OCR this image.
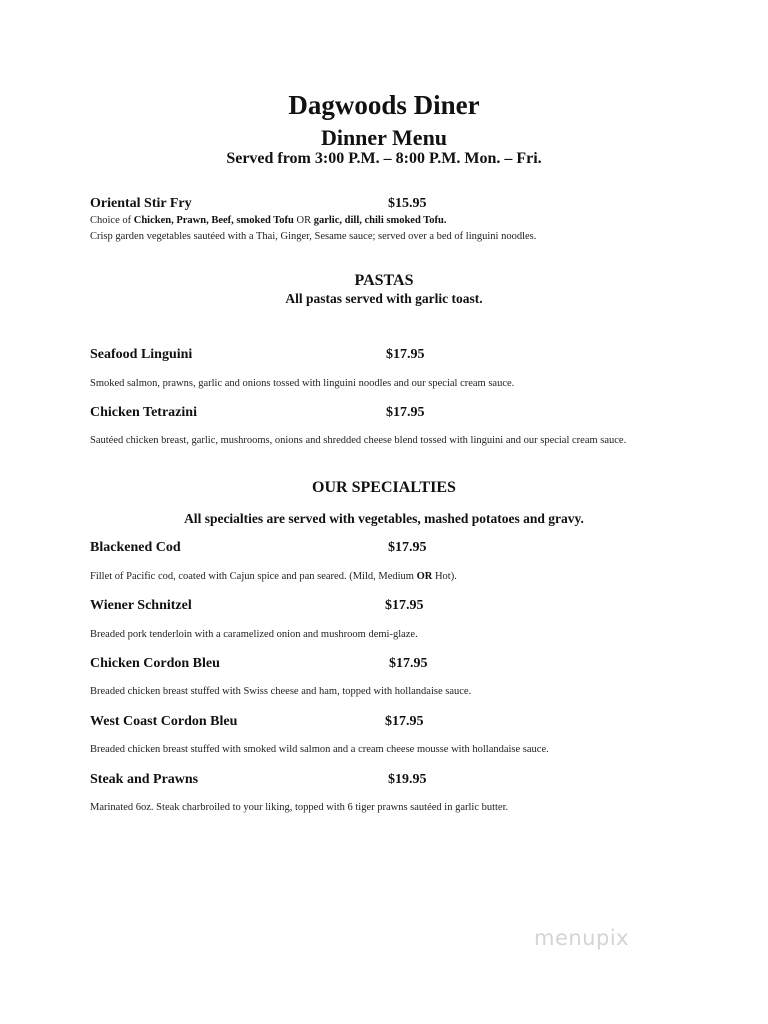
Dagwoods Diner
Dinner Menu
Served from 3:00 P.M. – 8:00 P.M. Mon. – Fri.
Oriental Stir Fry	$15.95
Choice of Chicken, Prawn, Beef, smoked Tofu OR garlic, dill, chili smoked Tofu.
Crisp garden vegetables sautéed with a Thai, Ginger, Sesame sauce; served over a bed of linguini noodles.
PASTAS
All pastas served with garlic toast.
Seafood Linguini	$17.95
Smoked salmon, prawns, garlic and onions tossed with linguini noodles and our special cream sauce.
Chicken Tetrazini	$17.95
Sautéed chicken breast, garlic, mushrooms, onions and shredded cheese blend tossed with linguini and our special cream sauce.
OUR SPECIALTIES
All specialties are served with vegetables, mashed potatoes and gravy.
Blackened Cod	$17.95
Fillet of Pacific cod, coated with Cajun spice and pan seared. (Mild, Medium OR Hot).
Wiener Schnitzel	$17.95
Breaded pork tenderloin with a caramelized onion and mushroom demi-glaze.
Chicken Cordon Bleu	$17.95
Breaded chicken breast stuffed with Swiss cheese and ham, topped with hollandaise sauce.
West Coast Cordon Bleu	$17.95
Breaded chicken breast stuffed with smoked wild salmon and a cream cheese mousse with hollandaise sauce.
Steak and Prawns	$19.95
Marinated 6oz. Steak charbroiled to your liking, topped with 6 tiger prawns sautéed in garlic butter.
menupix
